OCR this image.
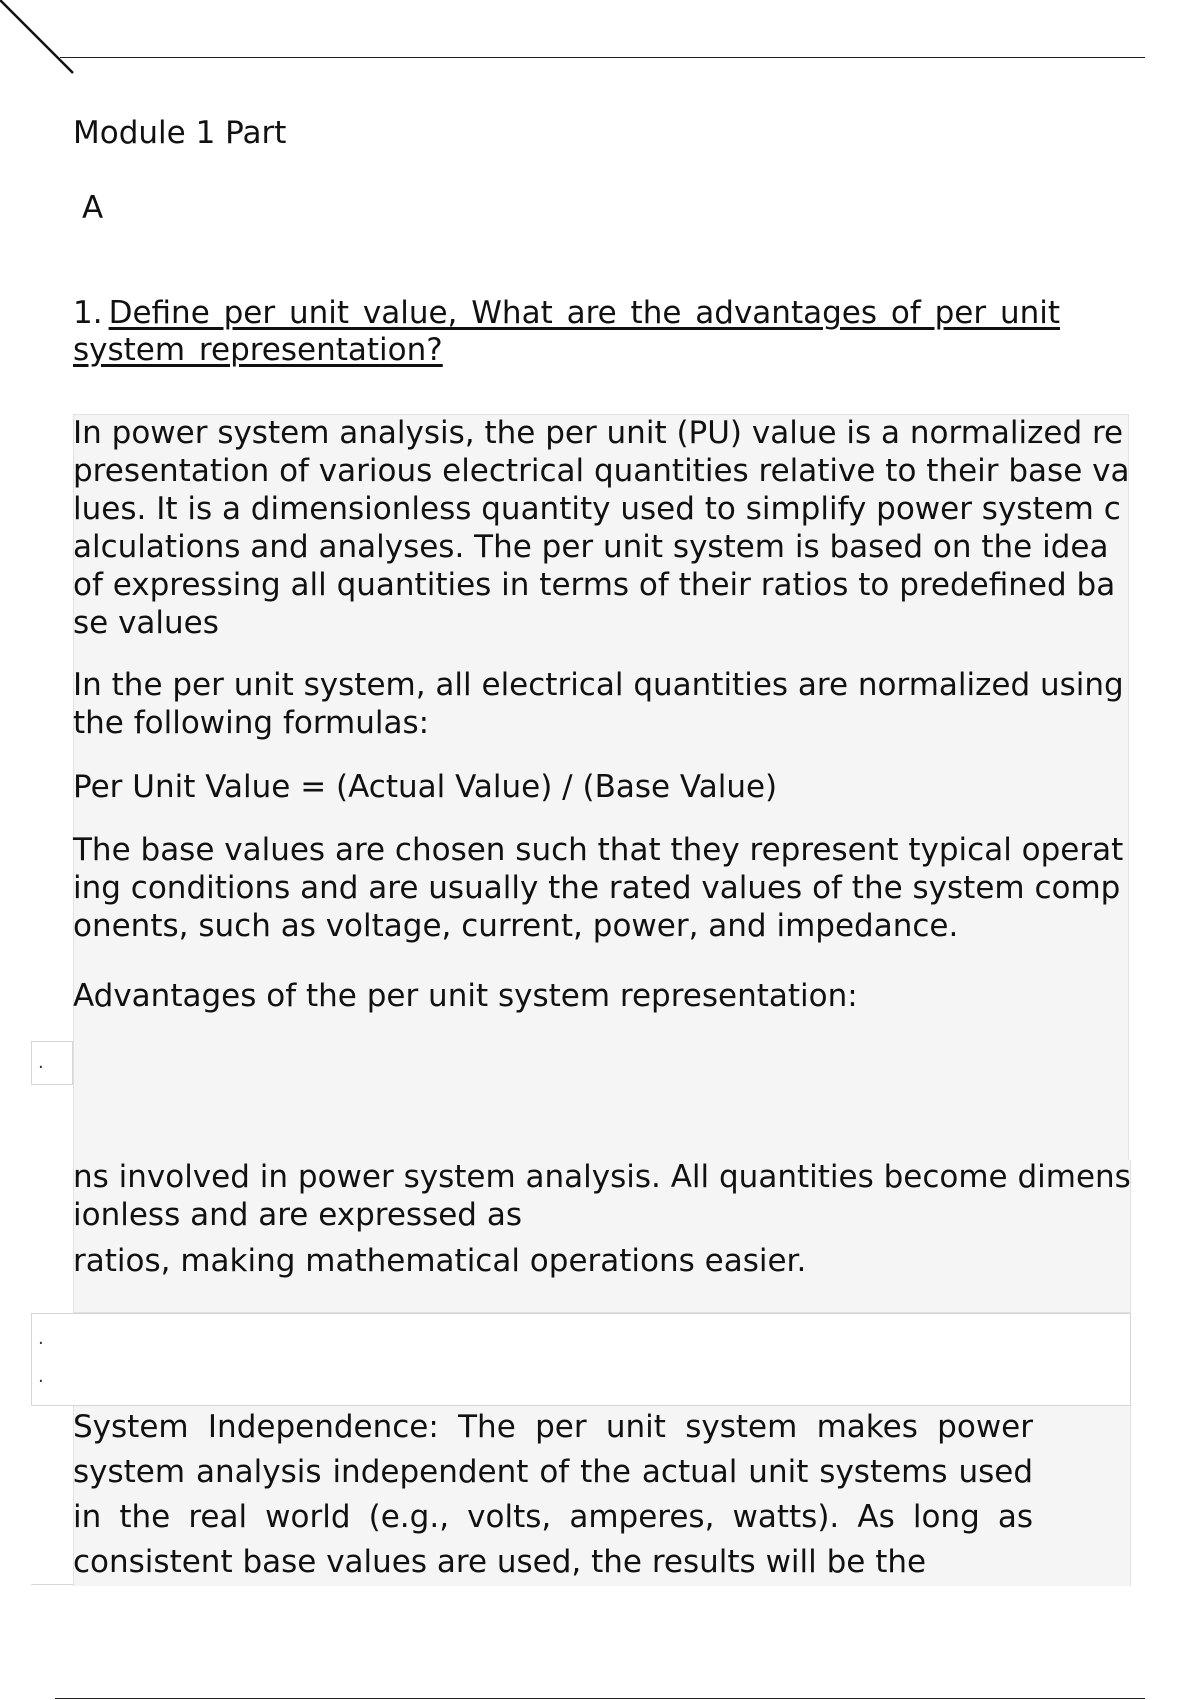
Module 1 Part
A
1. Define per unit value, What are the advantages of per unit system representation?
.
.
.
In power system analysis, the per unit (PU) value is a normalized representation of various electrical quantities relative to their base values. It is a dimensionless quantity used to simplify power system calculations and analyses. The per unit system is based on the idea of expressing all quantities in terms of their ratios to predefined base values
In the per unit system, all electrical quantities are normalized using the following formulas:
Per Unit Value = (Actual Value) / (Base Value)
The base values are chosen such that they represent typical operating conditions and are usually the rated values of the system components, such as voltage, current, power, and impedance.
Advantages of the per unit system representation:
ns involved in power system analysis. All quantities become dimensionless and are expressed as
ratios, making mathematical operations easier.
System Independence: The per unit system makes power system analysis independent of the actual unit systems used in the real world (e.g., volts, amperes, watts). As long as consistent base values are used, the results will be the
